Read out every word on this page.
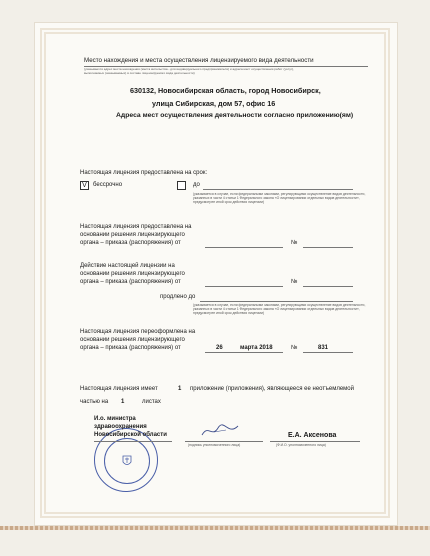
Место нахождения и места осуществления лицензируемого вида деятельности
(указывается адрес места нахождения (места жительства - для индивидуального предпринимателя) и адреса мест осуществления работ (услуг),
выполняемых (оказываемых) в составе лицензируемого вида деятельности)
630132, Новосибирская область, город Новосибирск,
улица Сибирская, дом 57, офис 16
Адреса мест осуществления деятельности согласно приложению(ям)
Настоящая лицензия предоставлена на срок:
V	бессрочно	до
(указывается в случае, если федеральными законами, регулирующими осуществление видов деятельности,
указанных в части 4 статьи 1 Федерального закона «О лицензировании отдельных видов деятельности»,
предусмотрен иной срок действия лицензии)
Настоящая лицензия предоставлена на
основании решения лицензирующего
органа – приказа (распоряжения) от	№
Действие настоящей лицензии на
основании решения лицензирующего
органа – приказа (распоряжения) от	№
продлено до
(указывается в случае, если федеральными законами, регулирующими осуществление видов деятельности,
указанных в части 4 статьи 1 Федерального закона «О лицензировании отдельных видов деятельности»,
предусмотрен иной срок действия лицензии)
Настоящая лицензия переоформлена на
основании решения лицензирующего
органа – приказа (распоряжения) от	26	марта 2018	№	831
Настоящая лицензия имеет	1 приложение (приложения), являющееся ее неотъемлемой
частью на 1	листах
И.о. министра
здравоохранения
Новосибирской области
(подпись уполномоченного лица)
Е.А. Аксенова
(Ф.И.О. уполномоченного лица)
